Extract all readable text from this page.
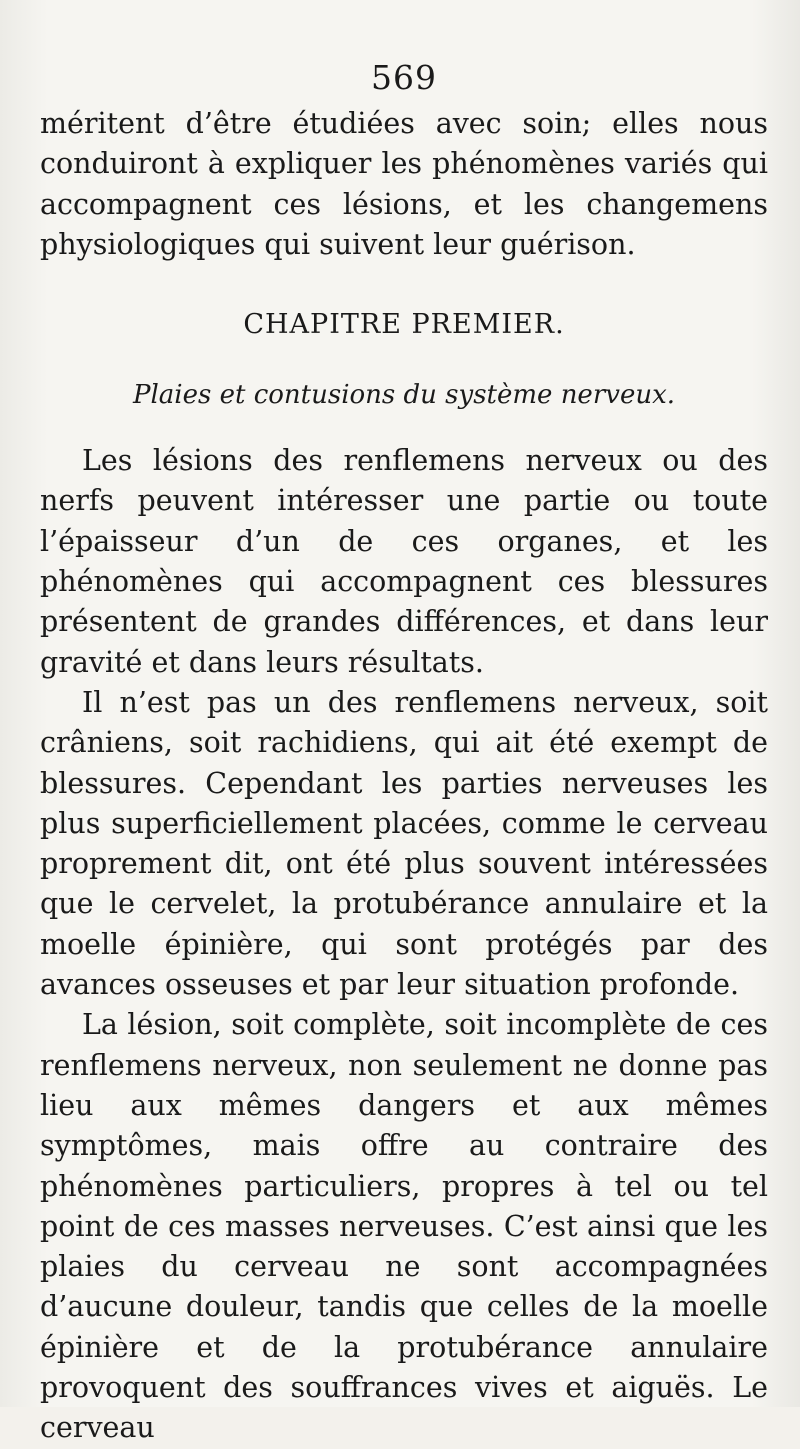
569

méritent d’être étudiées avec soin; elles nous conduiront à expliquer les phénomènes variés qui accompagnent ces lésions, et les changemens physiologiques qui suivent leur guérison.

CHAPITRE PREMIER.
Plaies et contusions du système nerveux.

Les lésions des renflemens nerveux ou des nerfs peuvent intéresser une partie ou toute l’épaisseur d’un de ces organes, et les phénomènes qui accompagnent ces blessures présentent de grandes différences, et dans leur gravité et dans leurs résultats.

Il n’est pas un des renflemens nerveux, soit crâniens, soit rachidiens, qui ait été exempt de blessures. Cependant les parties nerveuses les plus superficiellement placées, comme le cerveau proprement dit, ont été plus souvent intéressées que le cervelet, la protubérance annulaire et la moelle épinière, qui sont protégés par des avances osseuses et par leur situation profonde.

La lésion, soit complète, soit incomplète de ces renflemens nerveux, non seulement ne donne pas lieu aux mêmes dangers et aux mêmes symptômes, mais offre au contraire des phénomènes particuliers, propres à tel ou tel point de ces masses nerveuses. C’est ainsi que les plaies du cerveau ne sont accompagnées d’aucune douleur, tandis que celles de la moelle épinière et de la protubérance annulaire provoquent des souffrances vives et aiguës. Le cerveau
